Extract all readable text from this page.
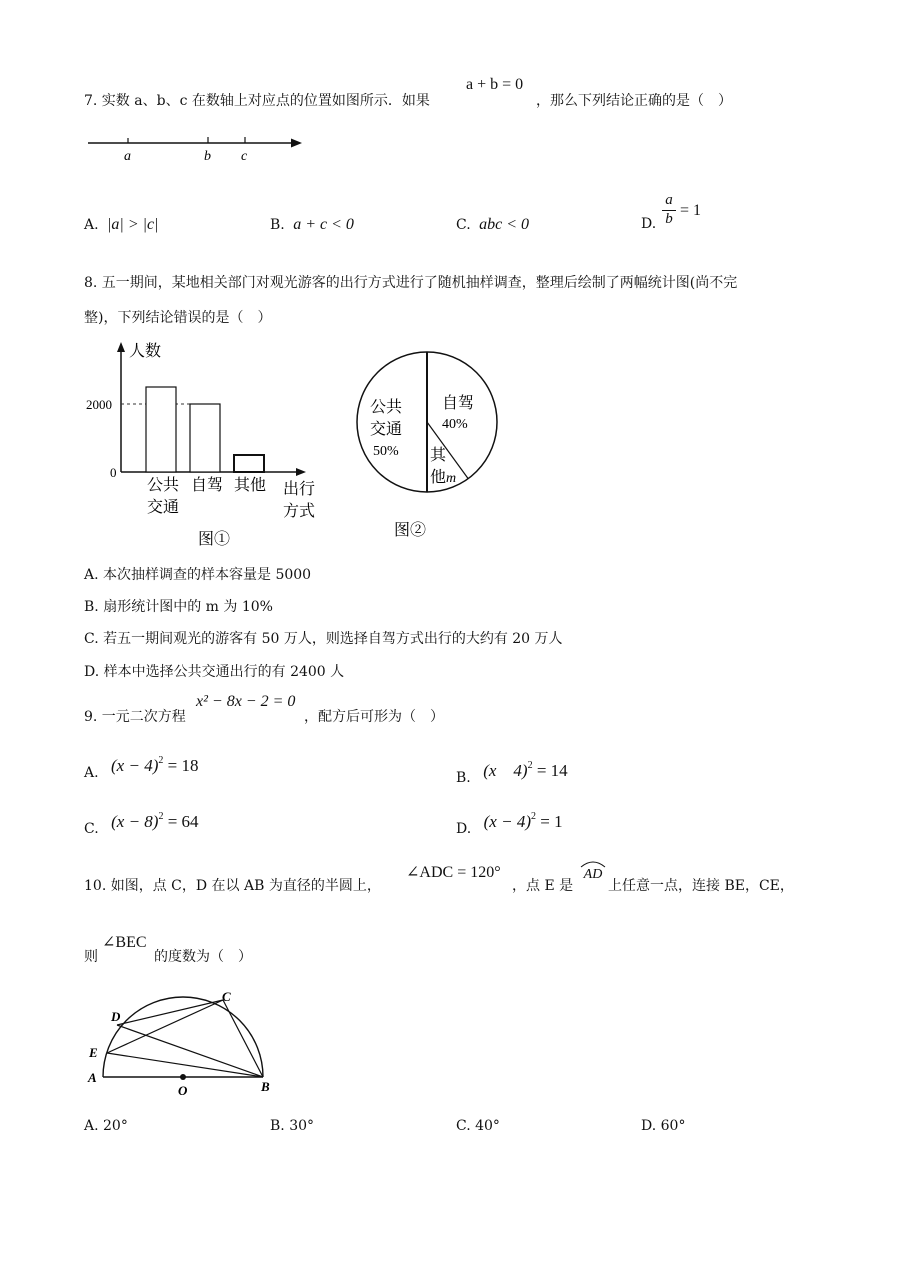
7. 实数 a、b、c 在数轴上对应点的位置如图所示．如果
a + b = 0
，那么下列结论正确的是（　）
a	b c
A. |a| > |c|	B. a + c < 0	C. abc < 0	D. $\frac{a}{b} = 1$
8. 五一期间，某地相关部门对观光游客的出行方式进行了随机抽样调查，整理后绘制了两幅统计图(尚不完
整)，下列结论错误的是（　）
人数
出行
方式
0
2000
公共
交通
自驾 其他
图①
公共
交通
50%
自驾
40%
其
他 m
图②
A. 本次抽样调查的样本容量是 5000
B. 扇形统计图中的 m 为 10%
C. 若五一期间观光的游客有 50 万人，则选择自驾方式出行的大约有 20 万人
D. 样本中选择公共交通出行的有 2400 人
9. 一元二次方程
x² − 8x − 2 = 0
，配方后可形为（　）
A. $(x - 4)^2 = 18$
B. (x　4)$^2$ = 14
C. $(x - 8)^2 = 64$	D. $(x - 4)^2 = 1$
10. 如图，点 C，D 在以 AB 为直径的半圆上，
∠ADC = 120°
，点 E 是
AD
上任意一点，连接 BE，CE，
则
∠BEC
的度数为（　）
A
B
C
D
E
O
A. 20°	B. 30°	C. 40°	D. 60°
